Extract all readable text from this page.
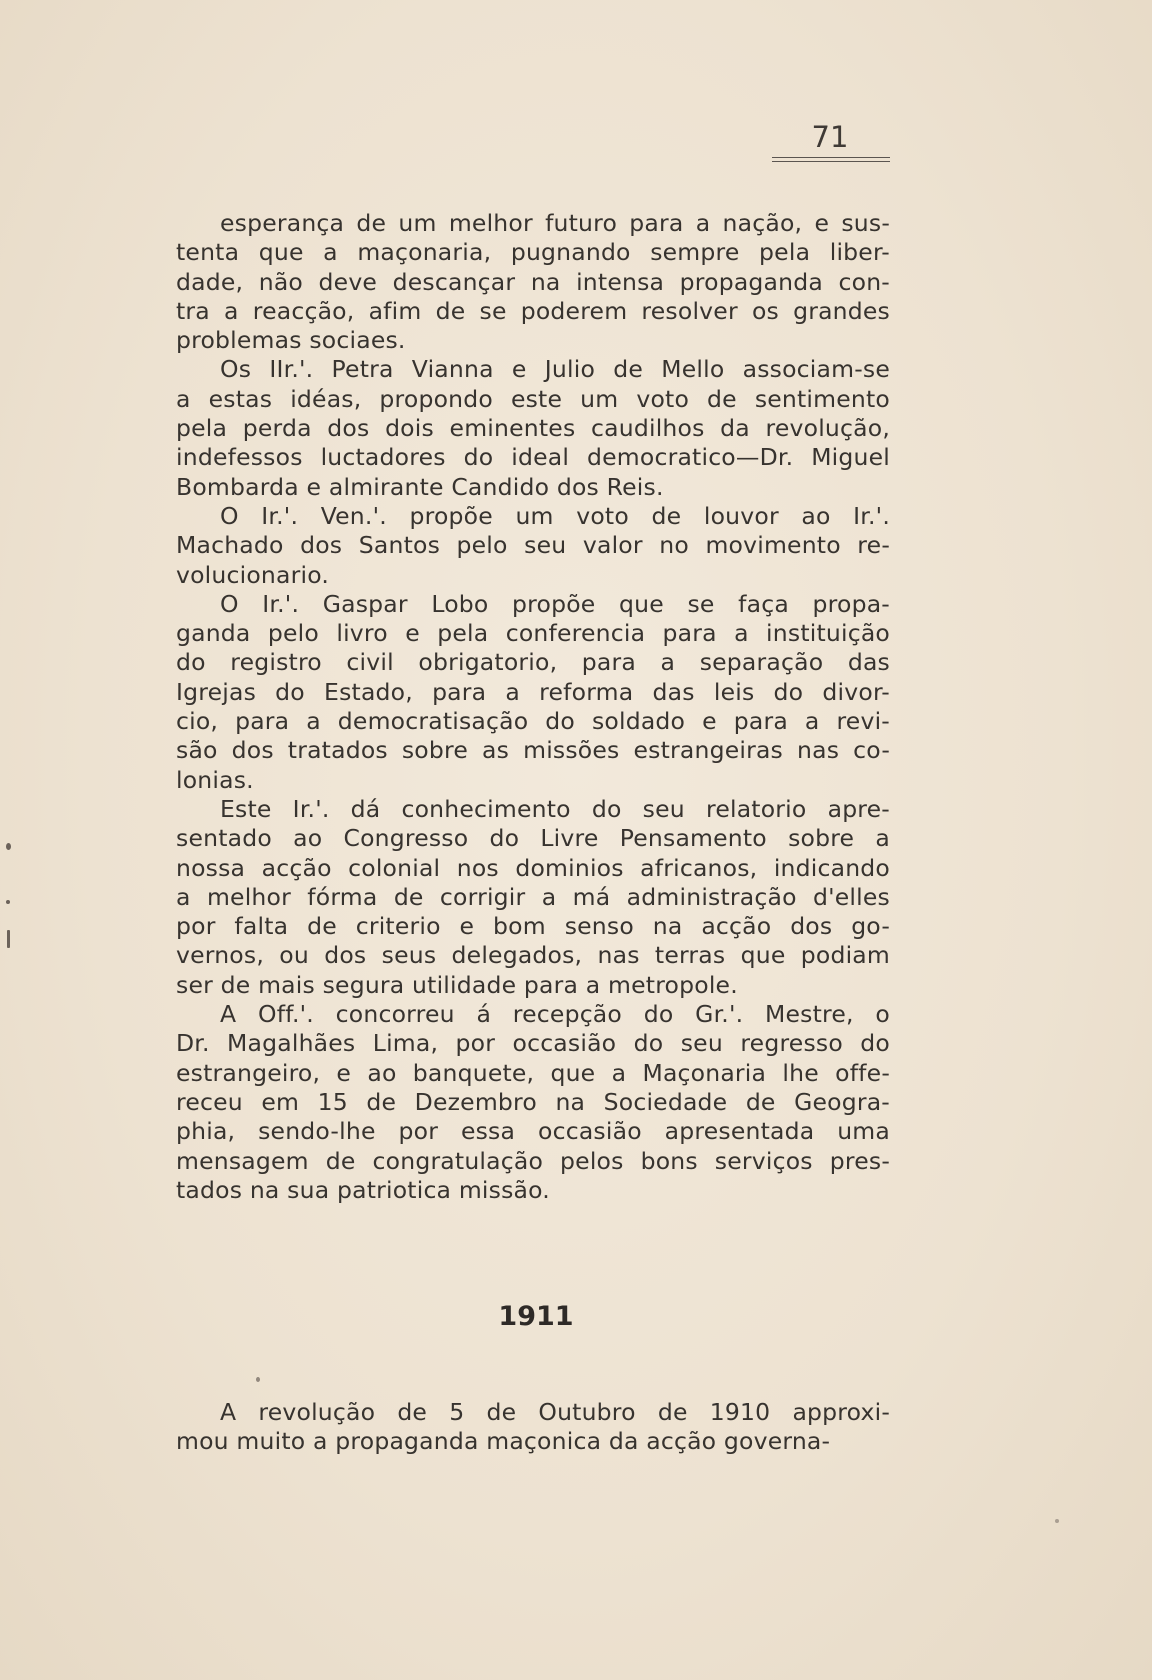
71
esperança de um melhor futuro para a nação, e sus-
tenta que a maçonaria, pugnando sempre pela liber-
dade, não deve descançar na intensa propaganda con-
tra a reacção, afim de se poderem resolver os grandes
problemas sociaes.
Os IIr.'. Petra Vianna e Julio de Mello associam-se
a estas idéas, propondo este um voto de sentimento
pela perda dos dois eminentes caudilhos da revolução,
indefessos luctadores do ideal democratico—Dr. Miguel
Bombarda e almirante Candido dos Reis.
O Ir.'. Ven.'. propõe um voto de louvor ao Ir.'.
Machado dos Santos pelo seu valor no movimento re-
volucionario.
O Ir.'. Gaspar Lobo propõe que se faça propa-
ganda pelo livro e pela conferencia para a instituição
do registro civil obrigatorio, para a separação das
Igrejas do Estado, para a reforma das leis do divor-
cio, para a democratisação do soldado e para a revi-
são dos tratados sobre as missões estrangeiras nas co-
lonias.
Este Ir.'. dá conhecimento do seu relatorio apre-
sentado ao Congresso do Livre Pensamento sobre a
nossa acção colonial nos dominios africanos, indicando
a melhor fórma de corrigir a má administração d'elles
por falta de criterio e bom senso na acção dos go-
vernos, ou dos seus delegados, nas terras que podiam
ser de mais segura utilidade para a metropole.
A Off.'. concorreu á recepção do Gr.'. Mestre, o
Dr. Magalhães Lima, por occasião do seu regresso do
estrangeiro, e ao banquete, que a Maçonaria lhe offe-
receu em 15 de Dezembro na Sociedade de Geogra-
phia, sendo-lhe por essa occasião apresentada uma
mensagem de congratulação pelos bons serviços pres-
tados na sua patriotica missão.
1911
A revolução de 5 de Outubro de 1910 approxi-
mou muito a propaganda maçonica da acção governa-
